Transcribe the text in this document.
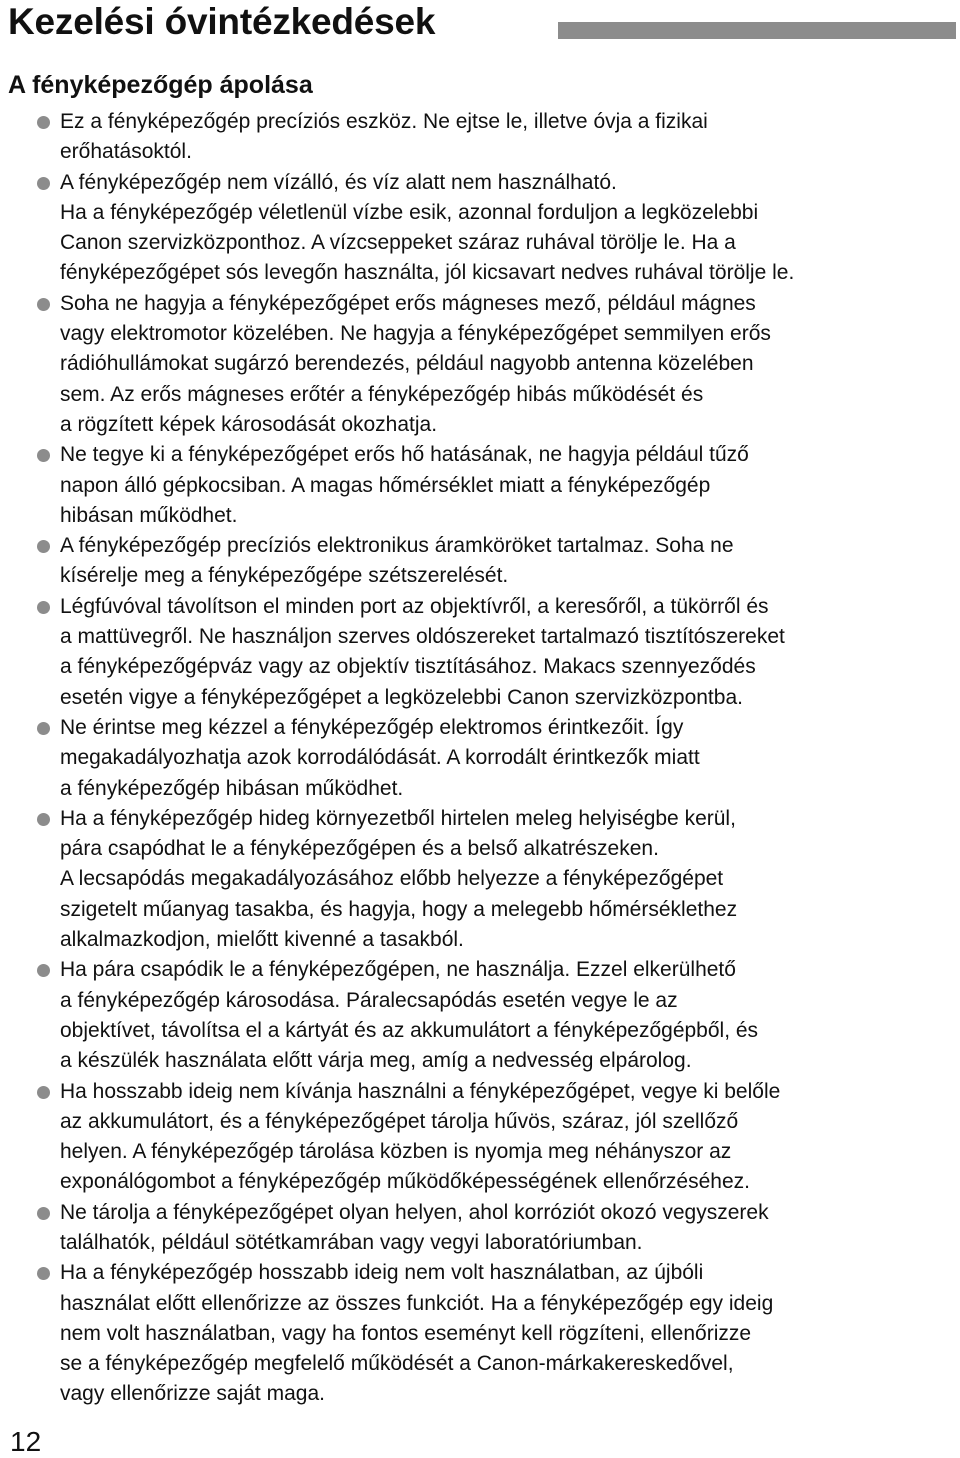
Kezelési óvintézkedések
A fényképezőgép ápolása
Ez a fényképezőgép precíziós eszköz. Ne ejtse le, illetve óvja a fizikai
erőhatásoktól.
A fényképezőgép nem vízálló, és víz alatt nem használható.
Ha a fényképezőgép véletlenül vízbe esik, azonnal forduljon a legközelebbi
Canon szervizközponthoz. A vízcseppeket száraz ruhával törölje le. Ha a
fényképezőgépet sós levegőn használta, jól kicsavart nedves ruhával törölje le.
Soha ne hagyja a fényképezőgépet erős mágneses mező, például mágnes
vagy elektromotor közelében. Ne hagyja a fényképezőgépet semmilyen erős
rádióhullámokat sugárzó berendezés, például nagyobb antenna közelében
sem. Az erős mágneses erőtér a fényképezőgép hibás működését és
a rögzített képek károsodását okozhatja.
Ne tegye ki a fényképezőgépet erős hő hatásának, ne hagyja például tűző
napon álló gépkocsiban. A magas hőmérséklet miatt a fényképezőgép
hibásan működhet.
A fényképezőgép precíziós elektronikus áramköröket tartalmaz. Soha ne
kísérelje meg a fényképezőgépe szétszerelését.
Légfúvóval távolítson el minden port az objektívről, a keresőről, a tükörről és
a mattüvegről. Ne használjon szerves oldószereket tartalmazó tisztítószereket
a fényképezőgépváz vagy az objektív tisztításához. Makacs szennyeződés
esetén vigye a fényképezőgépet a legközelebbi Canon szervizközpontba.
Ne érintse meg kézzel a fényképezőgép elektromos érintkezőit. Így
megakadályozhatja azok korrodálódását. A korrodált érintkezők miatt
a fényképezőgép hibásan működhet.
Ha a fényképezőgép hideg környezetből hirtelen meleg helyiségbe kerül,
pára csapódhat le a fényképezőgépen és a belső alkatrészeken.
A lecsapódás megakadályozásához előbb helyezze a fényképezőgépet
szigetelt műanyag tasakba, és hagyja, hogy a melegebb hőmérséklethez
alkalmazkodjon, mielőtt kivenné a tasakból.
Ha pára csapódik le a fényképezőgépen, ne használja. Ezzel elkerülhető
a fényképezőgép károsodása. Páralecsapódás esetén vegye le az
objektívet, távolítsa el a kártyát és az akkumulátort a fényképezőgépből, és
a készülék használata előtt várja meg, amíg a nedvesség elpárolog.
Ha hosszabb ideig nem kívánja használni a fényképezőgépet, vegye ki belőle
az akkumulátort, és a fényképezőgépet tárolja hűvös, száraz, jól szellőző
helyen. A fényképezőgép tárolása közben is nyomja meg néhányszor az
exponálógombot a fényképezőgép működőképességének ellenőrzéséhez.
Ne tárolja a fényképezőgépet olyan helyen, ahol korróziót okozó vegyszerek
találhatók, például sötétkamrában vagy vegyi laboratóriumban.
Ha a fényképezőgép hosszabb ideig nem volt használatban, az újbóli
használat előtt ellenőrizze az összes funkciót. Ha a fényképezőgép egy ideig
nem volt használatban, vagy ha fontos eseményt kell rögzíteni, ellenőrizze
se a fényképezőgép megfelelő működését a Canon-márkakereskedővel,
vagy ellenőrizze saját maga.
12
